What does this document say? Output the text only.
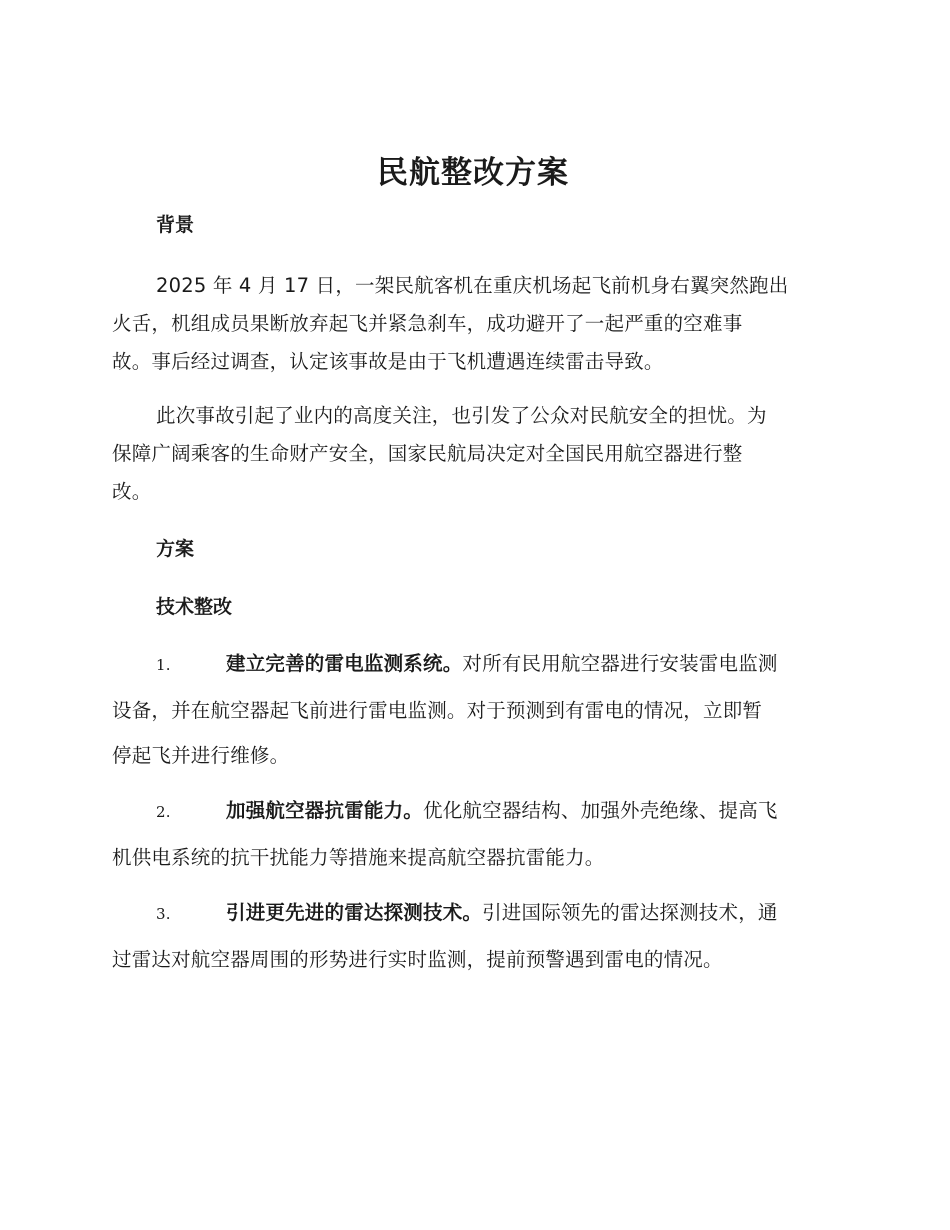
民航整改方案

背景

2025 年 4 月 17 日，一架民航客机在重庆机场起飞前机身右翼突然跑出
火舌，机组成员果断放弃起飞并紧急刹车，成功避开了一起严重的空难事
故。事后经过调查，认定该事故是由于飞机遭遇连续雷击导致。

此次事故引起了业内的高度关注，也引发了公众对民航安全的担忧。为
保障广阔乘客的生命财产安全，国家民航局决定对全国民用航空器进行整
改。

方案

技术整改

1.	建立完善的雷电监测系统。对所有民用航空器进行安装雷电监测
设备，并在航空器起飞前进行雷电监测。对于预测到有雷电的情况，立即暂
停起飞并进行维修。
2.	加强航空器抗雷能力。优化航空器结构、加强外壳绝缘、提高飞
机供电系统的抗干扰能力等措施来提高航空器抗雷能力。
3.	引进更先进的雷达探测技术。引进国际领先的雷达探测技术，通
过雷达对航空器周围的形势进行实时监测，提前预警遇到雷电的情况。
